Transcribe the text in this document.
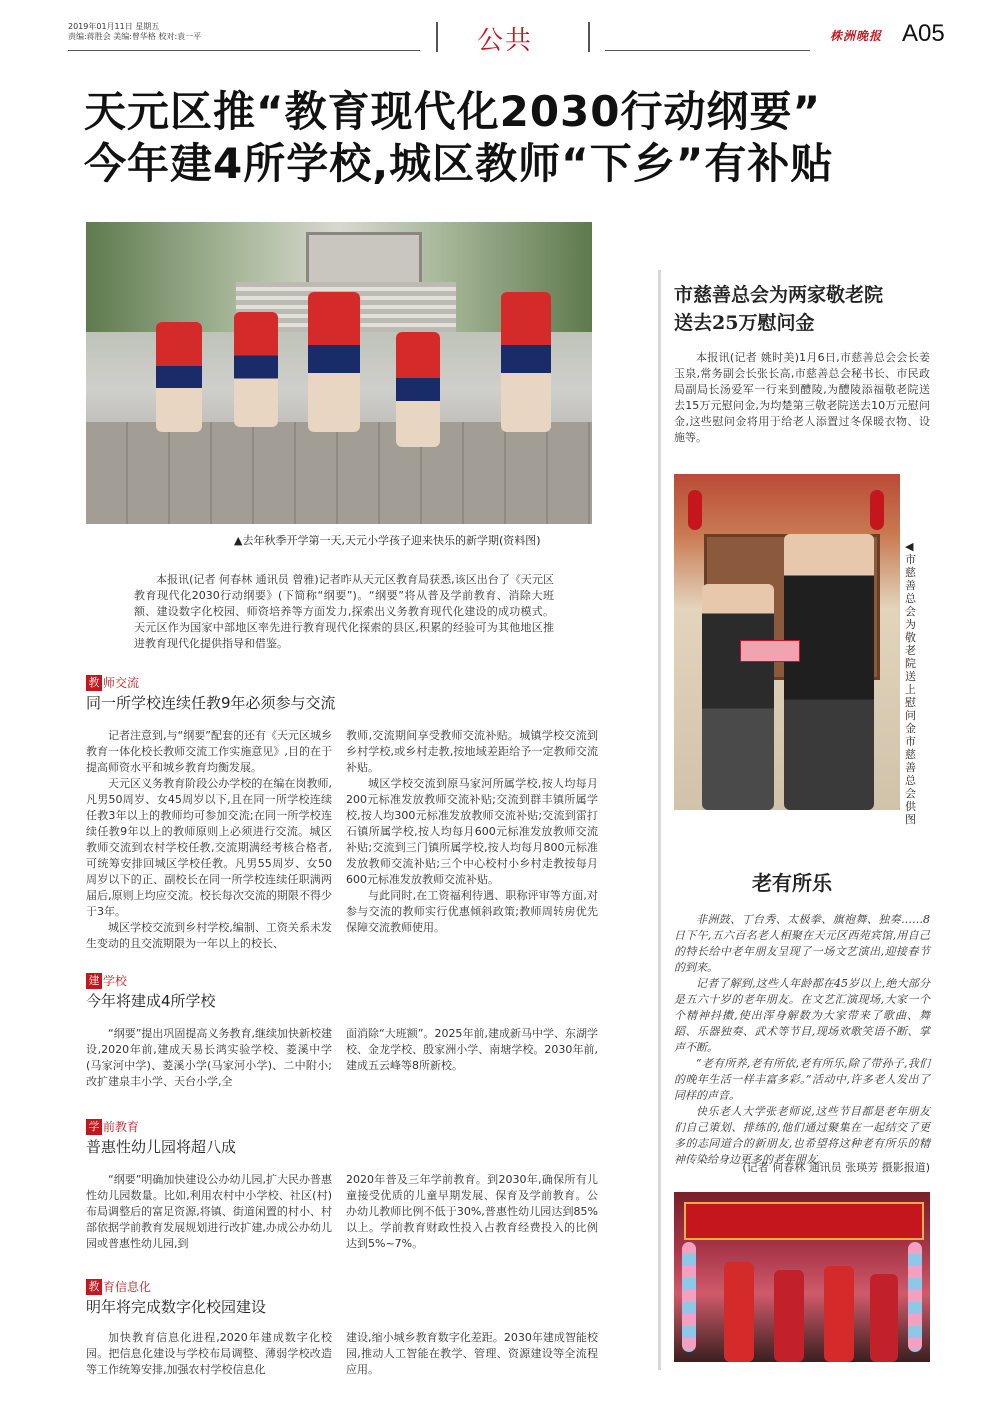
2019年01月11日 星期五
责编:蒋胜会 美编:曾华格 校对:袁一平	公共	株洲晚报 A05
天元区推“教育现代化2030行动纲要”
今年建4所学校,城区教师“下乡”有补贴
▲去年秋季开学第一天,天元小学孩子迎来快乐的新学期(资料图)

本报讯(记者 何春林 通讯员 曾雅)记者昨从天元区教育局获悉,该区出台了《天元区教育现代化2030行动纲要》(下简称“纲要”)。“纲要”将从普及学前教育、消除大班额、建设数字化校园、师资培养等方面发力,探索出义务教育现代化建设的成功模式。天元区作为国家中部地区率先进行教育现代化探索的县区,积累的经验可为其他地区推进教育现代化提供指导和借鉴。

教 师交流
同一所学校连续任教9年必须参与交流

记者注意到,与“纲要”配套的还有《天元区城乡教育一体化校长教师交流工作实施意见》,目的在于提高师资水平和城乡教育均衡发展。

天元区义务教育阶段公办学校的在编在岗教师,凡男50周岁、女45周岁以下,且在同一所学校连续任教3年以上的教师均可参加交流;在同一所学校连续任教9年以上的教师原则上必须进行交流。城区教师交流到农村学校任教,交流期满经考核合格者,可统筹安排回城区学校任教。凡男55周岁、女50周岁以下的正、副校长在同一所学校连续任职满两届后,原则上均应交流。校长每次交流的期限不得少于3年。

城区学校交流到乡村学校,编制、工资关系未发生变动的且交流期限为一年以上的校长、

教师,交流期间享受教师交流补贴。城镇学校交流到乡村学校,或乡村走教,按地域差距给予一定教师交流补贴。

城区学校交流到原马家河所属学校,按人均每月200元标准发放教师交流补贴;交流到群丰镇所属学校,按人均300元标准发放教师交流补贴;交流到雷打石镇所属学校,按人均每月600元标准发放教师交流补贴;交流到三门镇所属学校,按人均每月800元标准发放教师交流补贴;三个中心校村小乡村走教按每月600元标准发放教师交流补贴。

与此同时,在工资福利待遇、职称评审等方面,对参与交流的教师实行优惠倾斜政策;教师周转房优先保障交流教师使用。

建 学校
今年将建成4所学校

“纲要”提出巩固提高义务教育,继续加快新校建设,2020年前,建成天易长鸿实验学校、菱溪中学(马家河中学)、菱溪小学(马家河小学)、二中附小;改扩建泉丰小学、天台小学,全

面消除“大班额”。2025年前,建成新马中学、东湖学校、金龙学校、殷家洲小学、南塘学校。2030年前,建成五云峰等8所新校。

学 前教育
普惠性幼儿园将超八成

“纲要”明确加快建设公办幼儿园,扩大民办普惠性幼儿园数量。比如,利用农村中小学校、社区(村)布局调整后的富足资源,将镇、街道闲置的村小、村部依据学前教育发展规划进行改扩建,办成公办幼儿园或普惠性幼儿园,到

2020年普及三年学前教育。到2030年,确保所有儿童接受优质的儿童早期发展、保育及学前教育。公办幼儿教师比例不低于30%,普惠性幼儿园达到85%以上。学前教育财政性投入占教育经费投入的比例达到5%~7%。

教 育信息化
明年将完成数字化校园建设

加快教育信息化进程,2020年建成数字化校园。把信息化建设与学校布局调整、薄弱学校改造等工作统筹安排,加强农村学校信息化

建设,缩小城乡教育数字化差距。2030年建成智能校园,推动人工智能在教学、管理、资源建设等全流程应用。

市慈善总会为两家敬老院
送去25万慰问金

本报讯(记者 姚时美)1月6日,市慈善总会会长姜玉泉,常务副会长张长高,市慈善总会秘书长、市民政局副局长汤爱军一行来到醴陵,为醴陵添福敬老院送去15万元慰问金,为均楚第三敬老院送去10万元慰问金,这些慰问金将用于给老人添置过冬保暖衣物、设施等。

◀市慈善总会为敬老院送上慰问金 市慈善总会供图
老有所乐

非洲鼓、丁台秀、太极拳、旗袍舞、独奏……8日下午,五六百名老人相聚在天元区西苑宾馆,用自己的特长给中老年朋友呈现了一场文艺演出,迎接春节的到来。

记者了解到,这些人年龄都在45岁以上,绝大部分是五六十岁的老年朋友。在文艺汇演现场,大家一个个精神抖擞,使出浑身解数为大家带来了歌曲、舞蹈、乐器独奏、武术等节目,现场欢歌笑语不断、掌声不断。

“老有所养,老有所依,老有所乐,除了带孙子,我们的晚年生活一样丰富多彩。”活动中,许多老人发出了同样的声音。

快乐老人大学张老师说,这些节目都是老年朋友们自己策划、排练的,他们通过聚集在一起结交了更多的志同道合的新朋友,也希望将这种老有所乐的精神传染给身边更多的老年朋友。

(记者 何春林 通讯员 张瑛芳 摄影报道)
